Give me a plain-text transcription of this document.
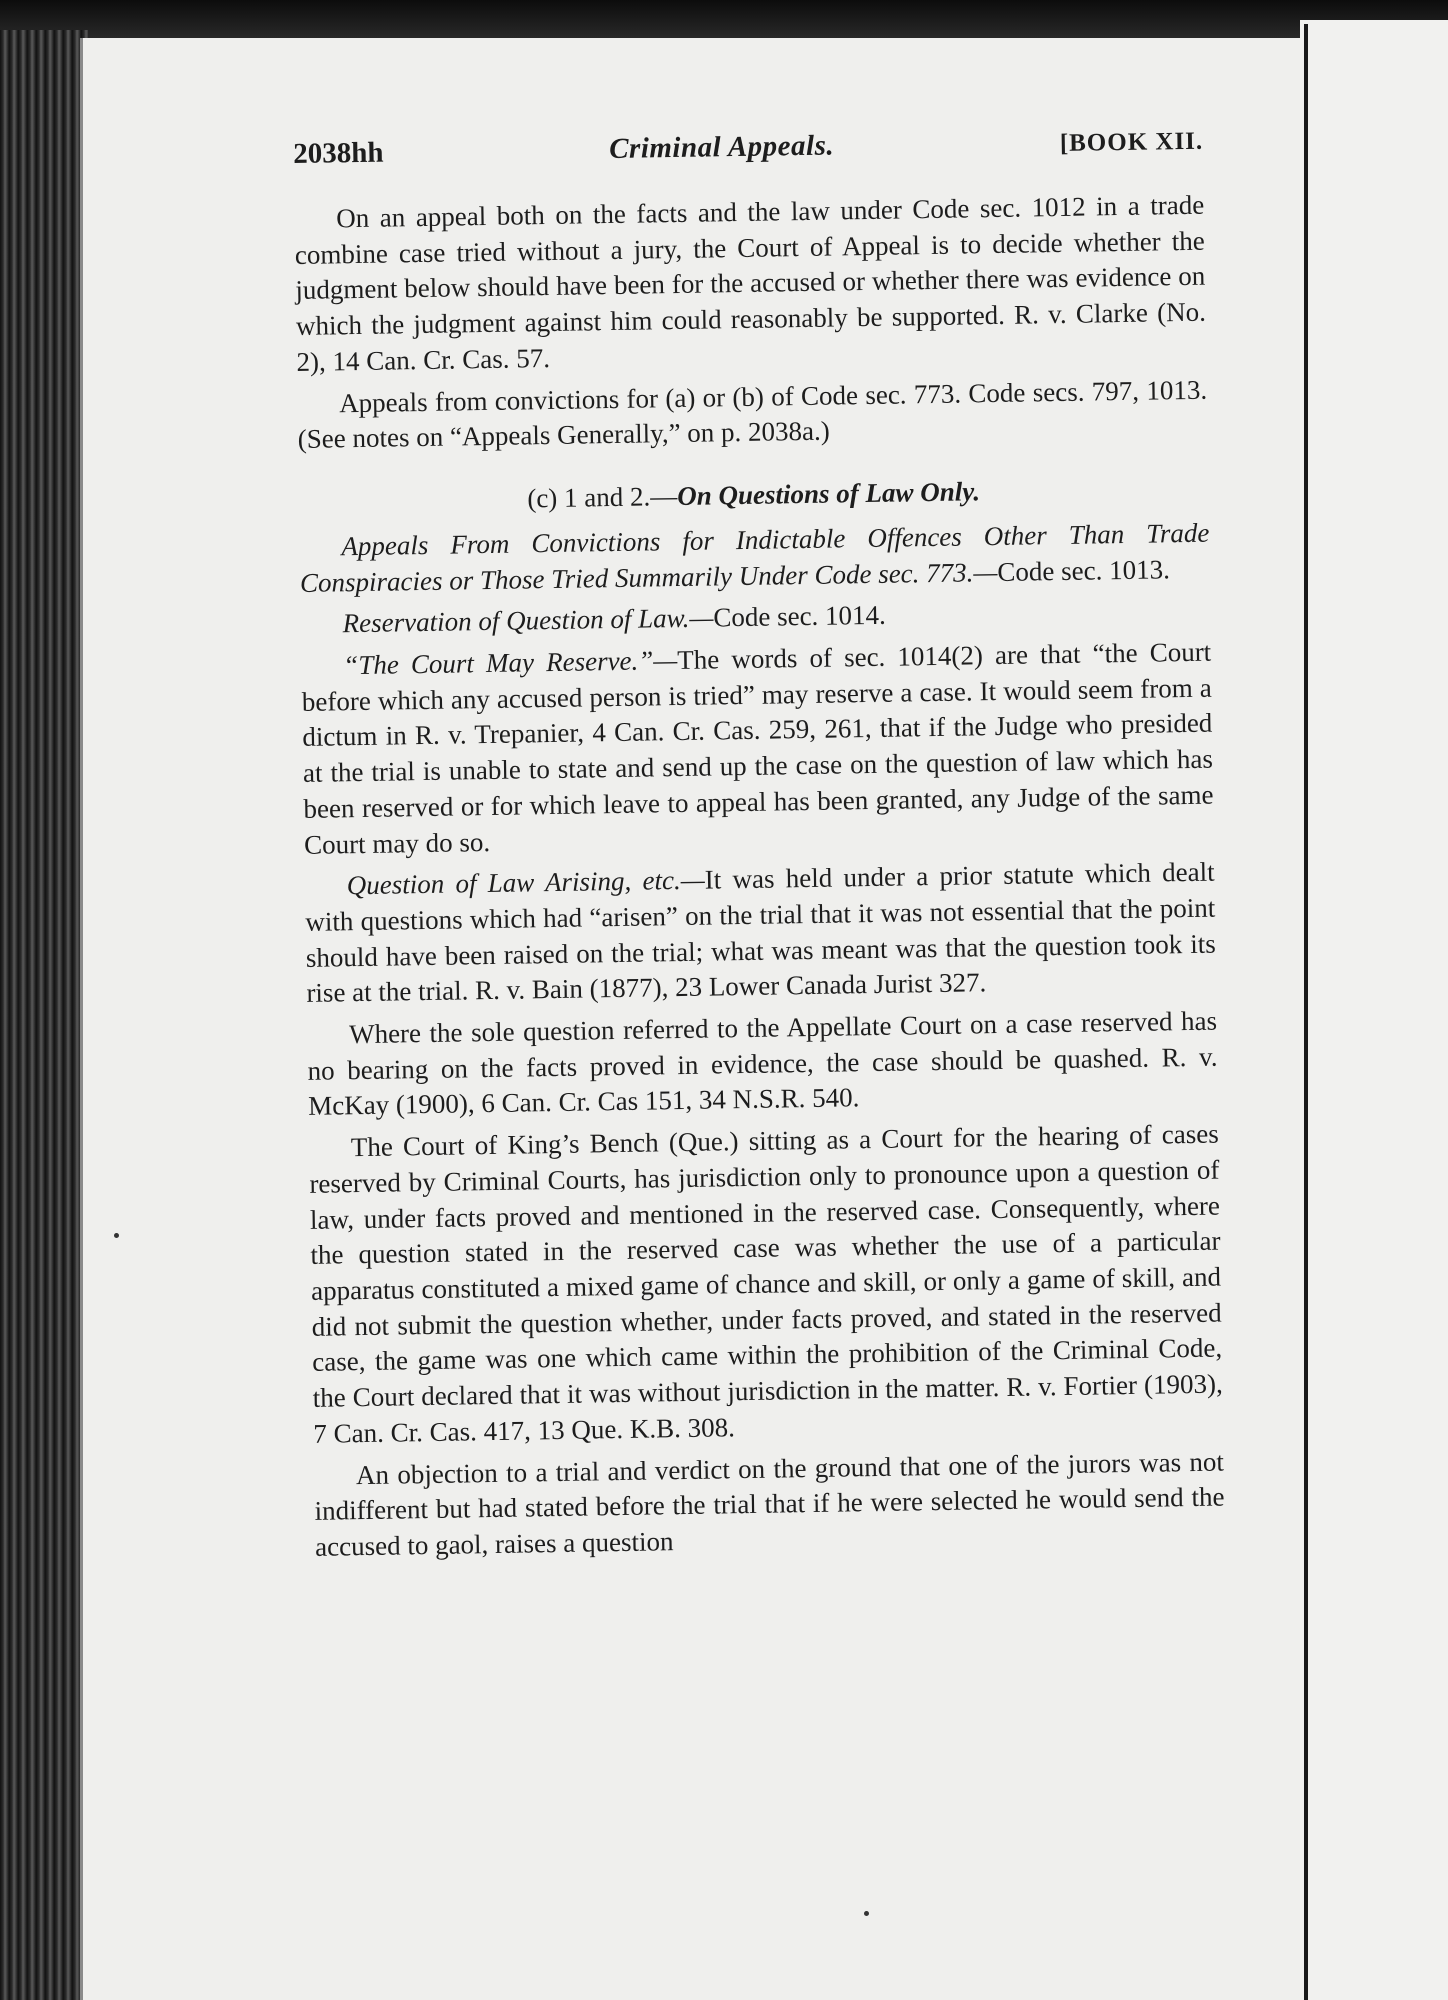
2038hh	Criminal Appeals.	[BOOK XII.

On an appeal both on the facts and the law under Code sec. 1012 in a trade combine case tried without a jury, the Court of Appeal is to decide whether the judgment below should have been for the accused or whether there was evidence on which the judgment against him could reasonably be supported. R. v. Clarke (No. 2), 14 Can. Cr. Cas. 57.

Appeals from convictions for (a) or (b) of Code sec. 773. Code secs. 797, 1013. (See notes on “Appeals Generally,” on p. 2038a.)

(c) 1 and 2.—On Questions of Law Only.

Appeals From Convictions for Indictable Offences Other Than Trade Conspiracies or Those Tried Summarily Under Code sec. 773.—Code sec. 1013.

Reservation of Question of Law.—Code sec. 1014.

“The Court May Reserve.”—The words of sec. 1014(2) are that “the Court before which any accused person is tried” may reserve a case. It would seem from a dictum in R. v. Trepanier, 4 Can. Cr. Cas. 259, 261, that if the Judge who presided at the trial is unable to state and send up the case on the question of law which has been reserved or for which leave to appeal has been granted, any Judge of the same Court may do so.

Question of Law Arising, etc.—It was held under a prior statute which dealt with questions which had “arisen” on the trial that it was not essential that the point should have been raised on the trial; what was meant was that the question took its rise at the trial. R. v. Bain (1877), 23 Lower Canada Jurist 327.

Where the sole question referred to the Appellate Court on a case reserved has no bearing on the facts proved in evidence, the case should be quashed. R. v. McKay (1900), 6 Can. Cr. Cas 151, 34 N.S.R. 540.

The Court of King’s Bench (Que.) sitting as a Court for the hearing of cases reserved by Criminal Courts, has jurisdiction only to pronounce upon a question of law, under facts proved and mentioned in the reserved case. Consequently, where the question stated in the reserved case was whether the use of a particular apparatus constituted a mixed game of chance and skill, or only a game of skill, and did not submit the question whether, under facts proved, and stated in the reserved case, the game was one which came within the prohibition of the Criminal Code, the Court declared that it was without jurisdiction in the matter. R. v. Fortier (1903), 7 Can. Cr. Cas. 417, 13 Que. K.B. 308.

An objection to a trial and verdict on the ground that one of the jurors was not indifferent but had stated before the trial that if he were selected he would send the accused to gaol, raises a question
